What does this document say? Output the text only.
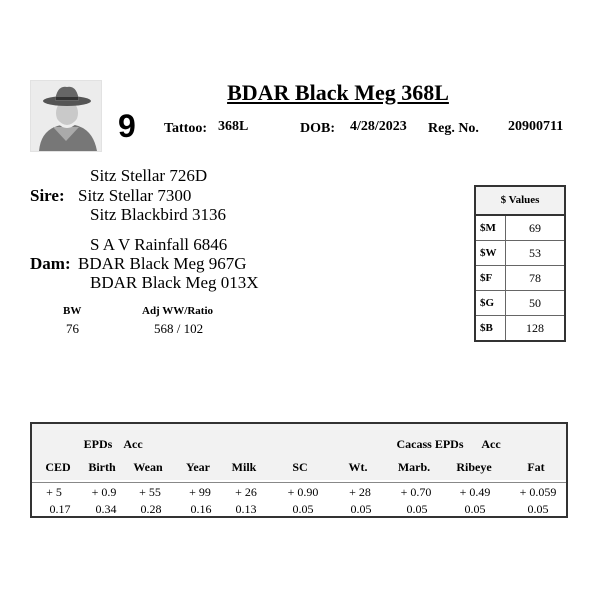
BDAR Black Meg 368L
9 Tattoo: 368L	DOB: 4/28/2023 Reg. No. 20900711
Sitz Stellar 726D
Sire: Sitz Stellar 7300
Sitz Blackbird 3136
S A V Rainfall 6846
Dam: BDAR Black Meg 967G
BDAR Black Meg 013X
BW
76
Adj WW/Ratio
568 / 102
$ Values
$M	69
$W	53
$F	78
$G	50
$B	128
EPDs Acc	Cacass EPDs Acc
CED Birth Wean Year Milk	SC	Wt.	Marb. Ribeye	Fat
+ 5 + 0.9 + 55 + 99 + 26	+ 0.90	+ 28 + 0.70 + 0.49 + 0.059
0.17 0.34 0.28 0.16 0.13	0.05	0.05	0.05	0.05	0.05
